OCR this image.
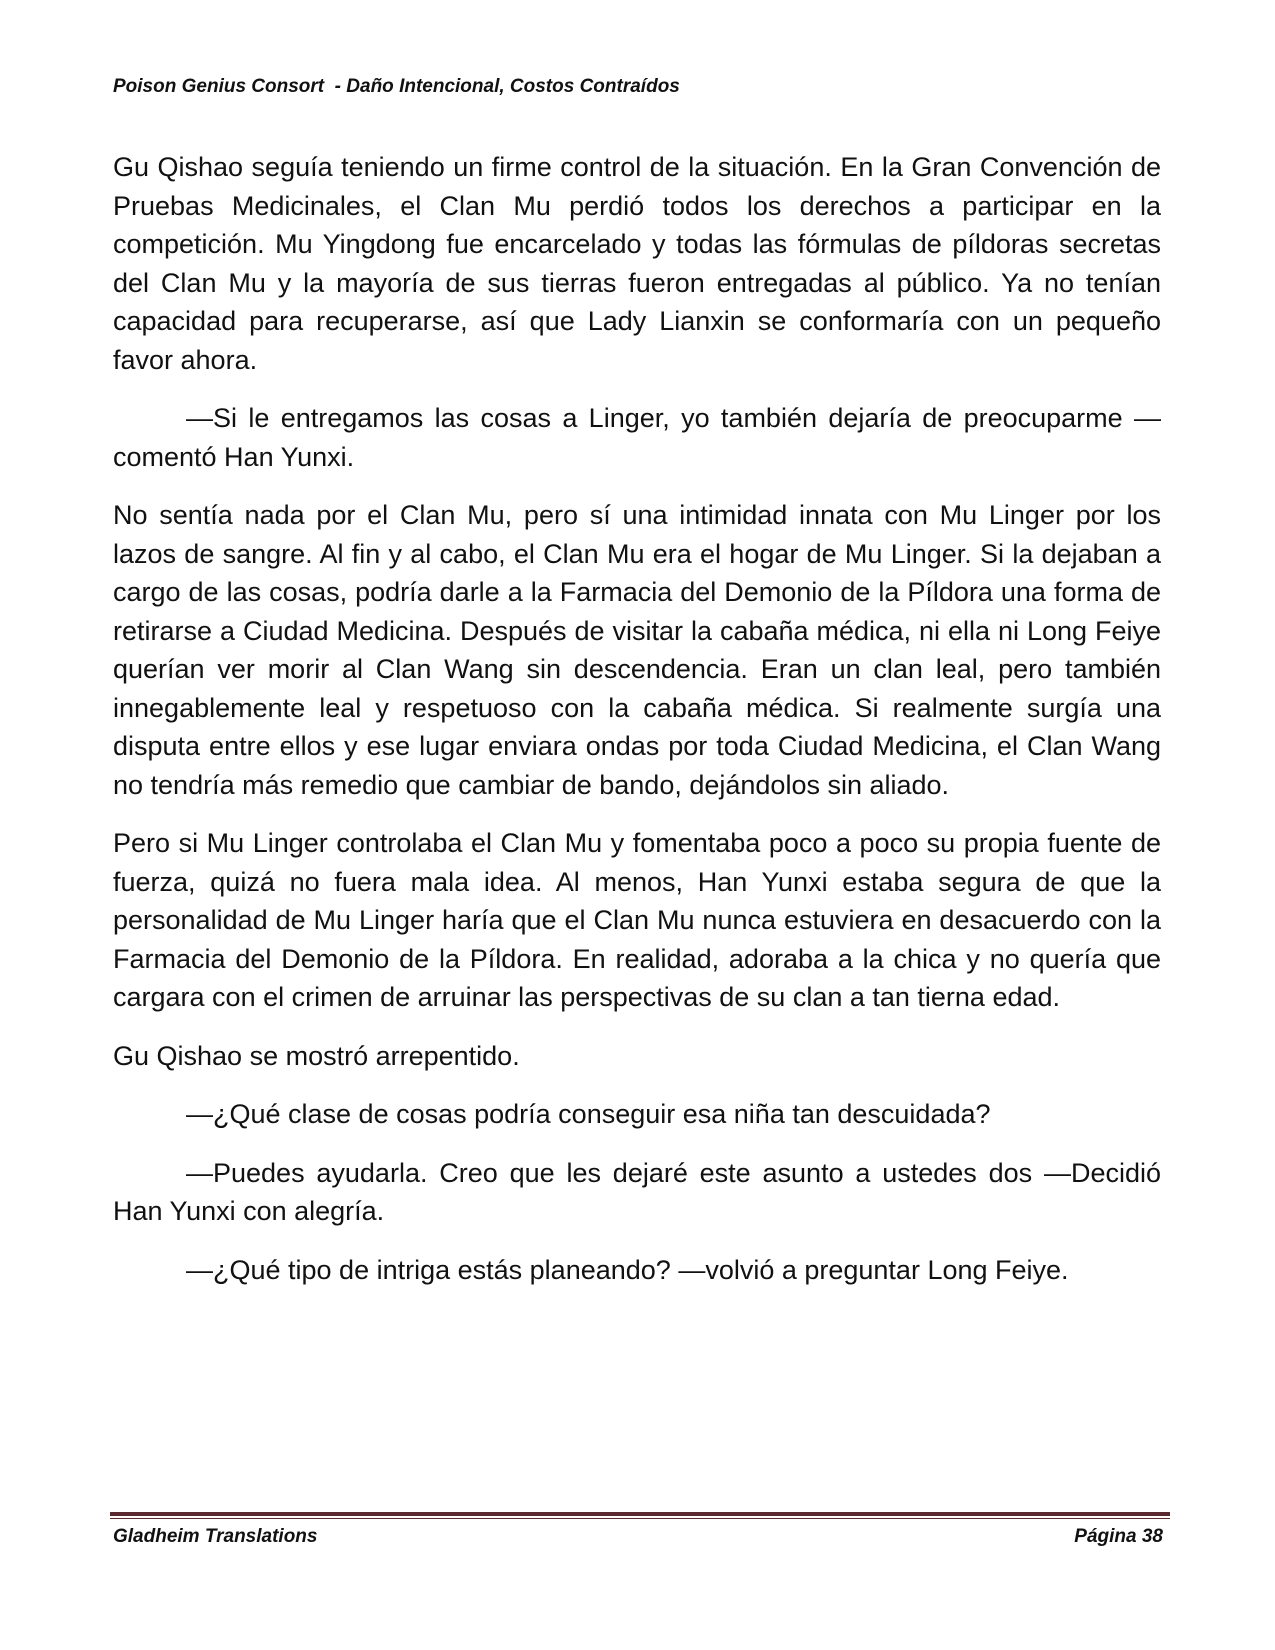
Poison Genius Consort  - Daño Intencional, Costos Contraídos

Gu Qishao seguía teniendo un firme control de la situación. En la Gran Convención de Pruebas Medicinales, el Clan Mu perdió todos los derechos a participar en la competición. Mu Yingdong fue encarcelado y todas las fórmulas de píldoras secretas del Clan Mu y la mayoría de sus tierras fueron entregadas al público. Ya no tenían capacidad para recuperarse, así que Lady Lianxin se conformaría con un pequeño favor ahora.

—Si le entregamos las cosas a Linger, yo también dejaría de preocuparme —comentó Han Yunxi.

No sentía nada por el Clan Mu, pero sí una intimidad innata con Mu Linger por los lazos de sangre. Al fin y al cabo, el Clan Mu era el hogar de Mu Linger. Si la dejaban a cargo de las cosas, podría darle a la Farmacia del Demonio de la Píldora una forma de retirarse a Ciudad Medicina. Después de visitar la cabaña médica, ni ella ni Long Feiye querían ver morir al Clan Wang sin descendencia. Eran un clan leal, pero también innegablemente leal y respetuoso con la cabaña médica. Si realmente surgía una disputa entre ellos y ese lugar enviara ondas por toda Ciudad Medicina, el Clan Wang no tendría más remedio que cambiar de bando, dejándolos sin aliado.

Pero si Mu Linger controlaba el Clan Mu y fomentaba poco a poco su propia fuente de fuerza, quizá no fuera mala idea. Al menos, Han Yunxi estaba segura de que la personalidad de Mu Linger haría que el Clan Mu nunca estuviera en desacuerdo con la Farmacia del Demonio de la Píldora. En realidad, adoraba a la chica y no quería que cargara con el crimen de arruinar las perspectivas de su clan a tan tierna edad.

Gu Qishao se mostró arrepentido.

—¿Qué clase de cosas podría conseguir esa niña tan descuidada?

—Puedes ayudarla. Creo que les dejaré este asunto a ustedes dos —Decidió Han Yunxi con alegría.

—¿Qué tipo de intriga estás planeando? —volvió a preguntar Long Feiye.

Gladheim Translations	Página 38
